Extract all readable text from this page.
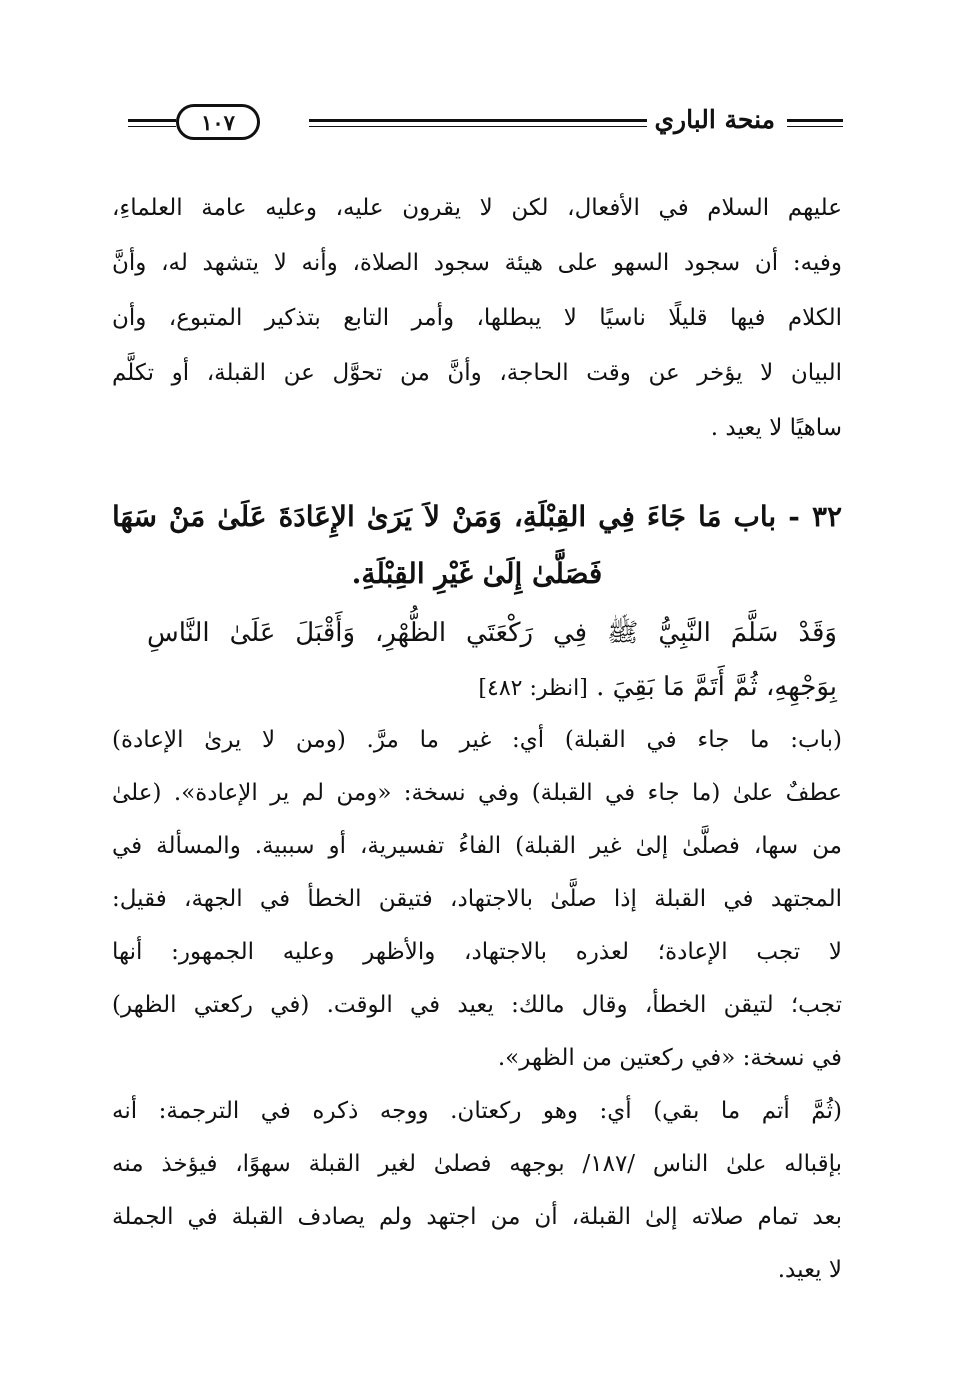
منحة الباري
١٠٧
عليهم السلام في الأفعال، لكن لا يقرون عليه، وعليه عامة العلماءِ،
وفيه: أن سجود السهو على هيئة سجود الصلاة، وأنه لا يتشهد له، وأنَّ
الكلام فيها قليلًا ناسيًا لا يبطلها، وأمر التابع بتذكير المتبوع، وأن
البيان لا يؤخر عن وقت الحاجة، وأنَّ من تحوَّل عن القبلة، أو تكلَّم
ساهيًا لا يعيد .
٣٢ - باب مَا جَاءَ فِي القِبْلَةِ، وَمَنْ لاَ يَرَىٰ الإِعَادَةَ عَلَىٰ مَنْ سَهَا
فَصَلَّىٰ إِلَىٰ غَيْرِ القِبْلَةِ.
وَقَدْ سَلَّمَ النَّبِيُّ ﷺ فِي رَكْعَتَي الظُّهْرِ، وَأَقْبَلَ عَلَىٰ النَّاسِ
بِوَجْهِهِ، ثُمَّ أَتَمَّ مَا بَقِيَ . [انظر: ٤٨٢]
(باب: ما جاء في القبلة) أي: غير ما مرَّ. (ومن لا يرىٰ الإعادة)
عطفٌ علىٰ (ما جاء في القبلة) وفي نسخة: «ومن لم ير الإعادة». (علىٰ
من سها، فصلَّىٰ إلىٰ غير القبلة) الفاءُ تفسيرية، أو سببية. والمسألة في
المجتهد في القبلة إذا صلَّىٰ بالاجتهاد، فتيقن الخطأ في الجهة، فقيل:
لا تجب الإعادة؛ لعذره بالاجتهاد، والأظهر وعليه الجمهور: أنها
تجب؛ لتيقن الخطأ، وقال مالك: يعيد في الوقت. (في ركعتي الظهر)
في نسخة: «في ركعتين من الظهر».
(ثُمَّ أتم ما بقي) أي: وهو ركعتان. ووجه ذكره في الترجمة: أنه
بإقباله علىٰ الناس /١٨٧/ بوجهه فصلىٰ لغير القبلة سهوًا، فيؤخذ منه
بعد تمام صلاته إلىٰ القبلة، أن من اجتهد ولم يصادف القبلة في الجملة
لا يعيد.
